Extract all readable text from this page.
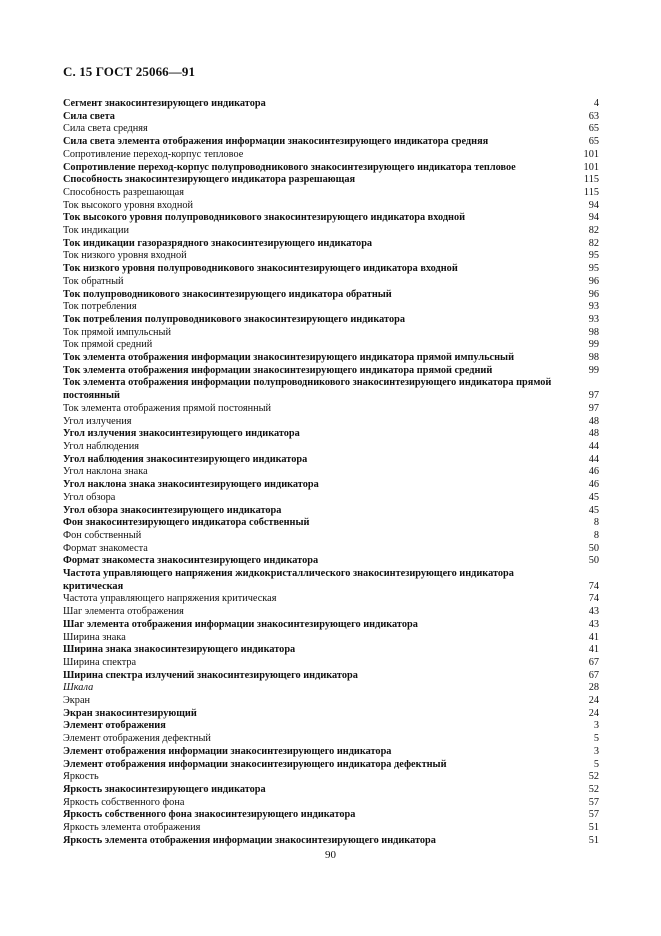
С. 15 ГОСТ 25066—91
Сегмент знакосинтезирующего индикатора	4
Сила света	63
Сила света средняя	65
Сила света элемента отображения информации знакосинтезирующего индикатора средняя	65
Сопротивление переход-корпус тепловое	101
Сопротивление переход-корпус полупроводникового знакосинтезирующего индикатора тепловое	101
Способность знакосинтезирующего индикатора разрешающая	115
Способность разрешающая	115
Ток высокого уровня входной	94
Ток высокого уровня полупроводникового знакосинтезирующего индикатора входной	94
Ток индикации	82
Ток индикации газоразрядного знакосинтезирующего индикатора	82
Ток низкого уровня входной	95
Ток низкого уровня полупроводникового знакосинтезирующего индикатора входной	95
Ток обратный	96
Ток полупроводникового знакосинтезирующего индикатора обратный	96
Ток потребления	93
Ток потребления полупроводникового знакосинтезирующего индикатора	93
Ток прямой импульсный	98
Ток прямой средний	99
Ток элемента отображения информации знакосинтезирующего индикатора прямой импульсный	98
Ток элемента отображения информации знакосинтезирующего индикатора прямой средний	99
Ток элемента отображения информации полупроводникового знакосинтезирующего индикатора прямой постоянный	97
Ток элемента отображения прямой постоянный	97
Угол излучения	48
Угол излучения знакосинтезирующего индикатора	48
Угол наблюдения	44
Угол наблюдения знакосинтезирующего индикатора	44
Угол наклона знака	46
Угол наклона знака знакосинтезирующего индикатора	46
Угол обзора	45
Угол обзора знакосинтезирующего индикатора	45
Фон знакосинтезирующего индикатора собственный	8
Фон собственный	8
Формат знакоместа	50
Формат знакоместа знакосинтезирующего индикатора	50
Частота управляющего напряжения жидкокристаллического знакосинтезирующего индикатора критическая	74
Частота управляющего напряжения критическая	74
Шаг элемента отображения	43
Шаг элемента отображения информации знакосинтезирующего индикатора	43
Ширина знака	41
Ширина знака знакосинтезирующего индикатора	41
Ширина спектра	67
Ширина спектра излучений знакосинтезирующего индикатора	67
Шкала	28
Экран	24
Экран знакосинтезирующий	24
Элемент отображения	3
Элемент отображения дефектный	5
Элемент отображения информации знакосинтезирующего индикатора	3
Элемент отображения информации знакосинтезирующего индикатора дефектный	5
Яркость	52
Яркость знакосинтезирующего индикатора	52
Яркость собственного фона	57
Яркость собственного фона знакосинтезирующего индикатора	57
Яркость элемента отображения	51
Яркость элемента отображения информации знакосинтезирующего индикатора	51
90
